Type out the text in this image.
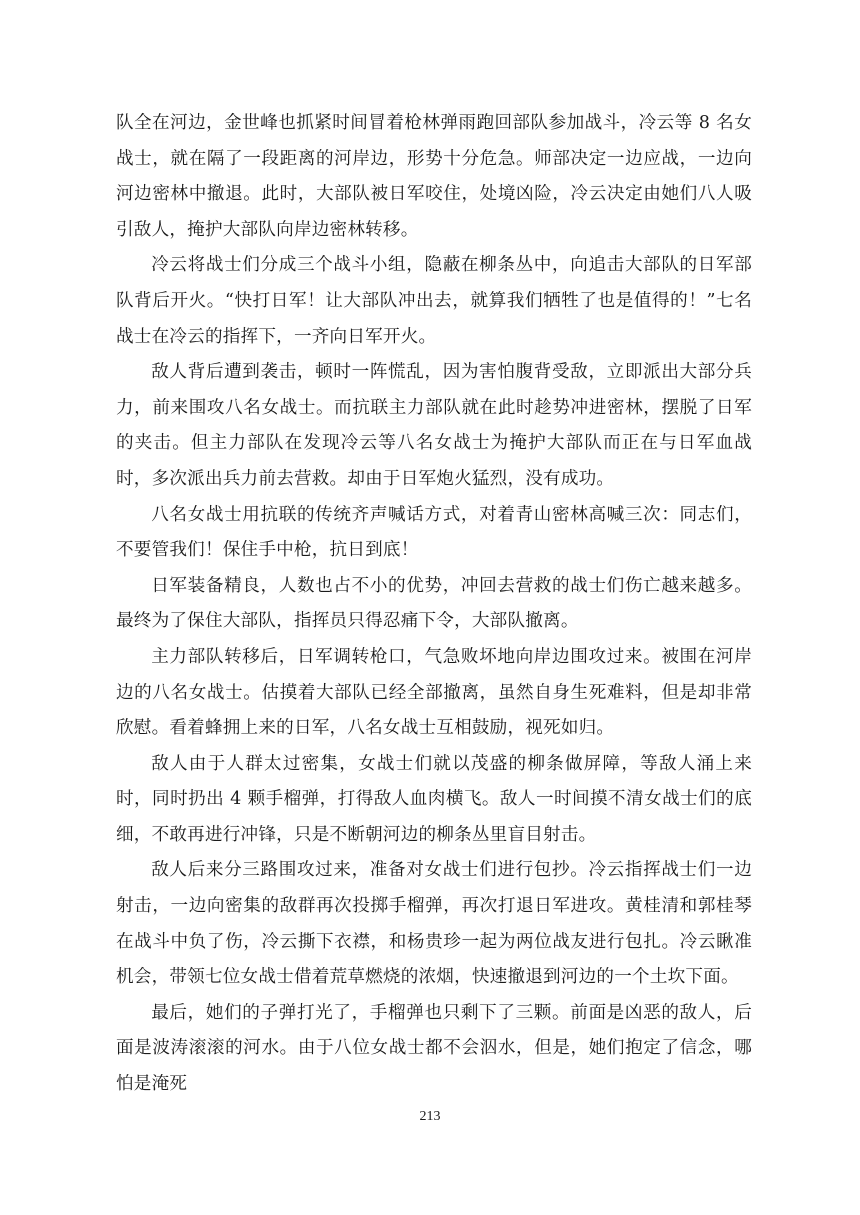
队全在河边，金世峰也抓紧时间冒着枪林弹雨跑回部队参加战斗，冷云等 8 名女战士，就在隔了一段距离的河岸边，形势十分危急。师部决定一边应战，一边向河边密林中撤退。此时，大部队被日军咬住，处境凶险，冷云决定由她们八人吸引敌人，掩护大部队向岸边密林转移。

冷云将战士们分成三个战斗小组，隐蔽在柳条丛中，向追击大部队的日军部队背后开火。“快打日军！让大部队冲出去，就算我们牺牲了也是值得的！”七名战士在冷云的指挥下，一齐向日军开火。

敌人背后遭到袭击，顿时一阵慌乱，因为害怕腹背受敌，立即派出大部分兵力，前来围攻八名女战士。而抗联主力部队就在此时趁势冲进密林，摆脱了日军的夹击。但主力部队在发现冷云等八名女战士为掩护大部队而正在与日军血战时，多次派出兵力前去营救。却由于日军炮火猛烈，没有成功。

八名女战士用抗联的传统齐声喊话方式，对着青山密林高喊三次：同志们，不要管我们！保住手中枪，抗日到底！

日军装备精良，人数也占不小的优势，冲回去营救的战士们伤亡越来越多。最终为了保住大部队，指挥员只得忍痛下令，大部队撤离。

主力部队转移后，日军调转枪口，气急败坏地向岸边围攻过来。被围在河岸边的八名女战士。估摸着大部队已经全部撤离，虽然自身生死难料，但是却非常欣慰。看着蜂拥上来的日军，八名女战士互相鼓励，视死如归。

敌人由于人群太过密集，女战士们就以茂盛的柳条做屏障，等敌人涌上来时，同时扔出 4 颗手榴弹，打得敌人血肉横飞。敌人一时间摸不清女战士们的底细，不敢再进行冲锋，只是不断朝河边的柳条丛里盲目射击。

敌人后来分三路围攻过来，准备对女战士们进行包抄。冷云指挥战士们一边射击，一边向密集的敌群再次投掷手榴弹，再次打退日军进攻。黄桂清和郭桂琴在战斗中负了伤，冷云撕下衣襟，和杨贵珍一起为两位战友进行包扎。冷云瞅准机会，带领七位女战士借着荒草燃烧的浓烟，快速撤退到河边的一个土坎下面。

最后，她们的子弹打光了，手榴弹也只剩下了三颗。前面是凶恶的敌人，后面是波涛滚滚的河水。由于八位女战士都不会泅水，但是，她们抱定了信念，哪怕是淹死

213
